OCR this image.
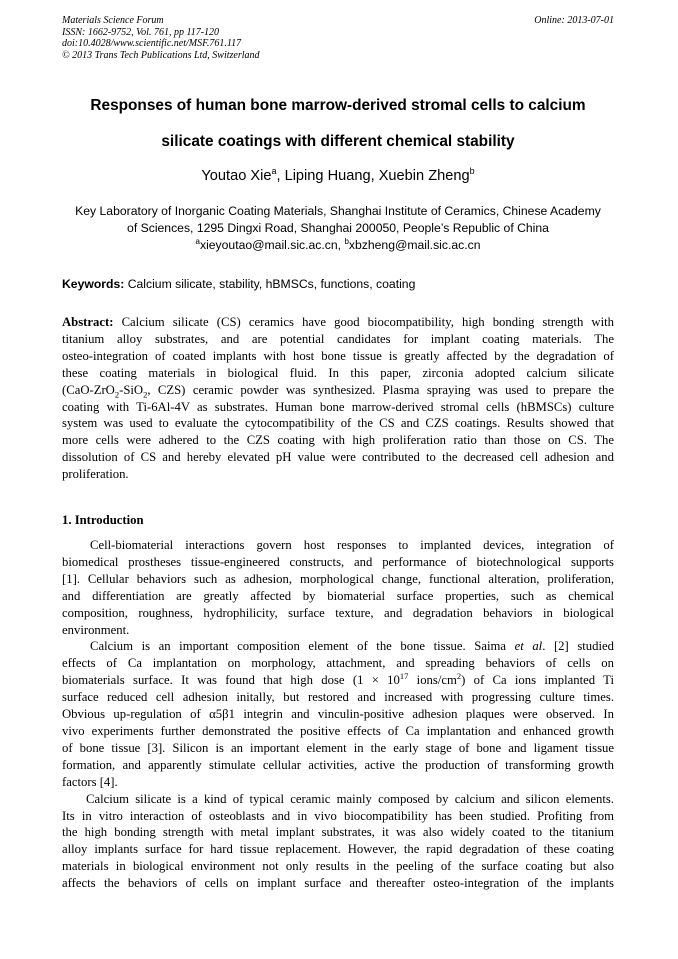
Materials Science Forum
ISSN: 1662-9752, Vol. 761, pp 117-120
doi:10.4028/www.scientific.net/MSF.761.117
© 2013 Trans Tech Publications Ltd, Switzerland
Online: 2013-07-01
Responses of human bone marrow-derived stromal cells to calcium
silicate coatings with different chemical stability
Youtao Xie$^a$, Liping Huang, Xuebin Zheng$^b$
Key Laboratory of Inorganic Coating Materials, Shanghai Institute of Ceramics, Chinese Academy
of Sciences, 1295 Dingxi Road, Shanghai 200050, People’s Republic of China
$^a$xieyoutao@mail.sic.ac.cn, $^b$xbzheng@mail.sic.ac.cn
Keywords: Calcium silicate, stability, hBMSCs, functions, coating
Abstract: Calcium silicate (CS) ceramics have good biocompatibility, high bonding strength with
titanium alloy substrates, and are potential candidates for implant coating materials. The
osteo-integration of coated implants with host bone tissue is greatly affected by the degradation of
these coating materials in biological fluid. In this paper, zirconia adopted calcium silicate
(CaO-ZrO$_2$-SiO$_2$, CZS) ceramic powder was synthesized. Plasma spraying was used to prepare the
coating with Ti-6Al-4V as substrates. Human bone marrow-derived stromal cells (hBMSCs) culture
system was used to evaluate the cytocompatibility of the CS and CZS coatings. Results showed that
more cells were adhered to the CZS coating with high proliferation ratio than those on CS. The
dissolution of CS and hereby elevated pH value were contributed to the decreased cell adhesion and
proliferation.
1. Introduction
Cell-biomaterial interactions govern host responses to implanted devices, integration of
biomedical prostheses tissue-engineered constructs, and performance of biotechnological supports
[1]. Cellular behaviors such as adhesion, morphological change, functional alteration, proliferation,
and differentiation are greatly affected by biomaterial surface properties, such as chemical
composition, roughness, hydrophilicity, surface texture, and degradation behaviors in biological
environment.
Calcium is an important composition element of the bone tissue. Saima et al. [2] studied
effects of Ca implantation on morphology, attachment, and spreading behaviors of cells on
biomaterials surface. It was found that high dose ($1 \times 10^{17}$ ions/$cm^2$) of Ca ions implanted Ti
surface reduced cell adhesion initally, but restored and increased with progressing culture times.
Obvious up-regulation of α5β1 integrin and vinculin-positive adhesion plaques were observed. In
vivo experiments further demonstrated the positive effects of Ca implantation and enhanced growth
of bone tissue [3]. Silicon is an important element in the early stage of bone and ligament tissue
formation, and apparently stimulate cellular activities, active the production of transforming growth
factors [4].
Calcium silicate is a kind of typical ceramic mainly composed by calcium and silicon elements.
Its in vitro interaction of osteoblasts and in vivo biocompatibility has been studied. Profiting from
the high bonding strength with metal implant substrates, it was also widely coated to the titanium
alloy implants surface for hard tissue replacement. However, the rapid degradation of these coating
materials in biological environment not only results in the peeling of the surface coating but also
affects the behaviors of cells on implant surface and thereafter osteo-integration of the implants
